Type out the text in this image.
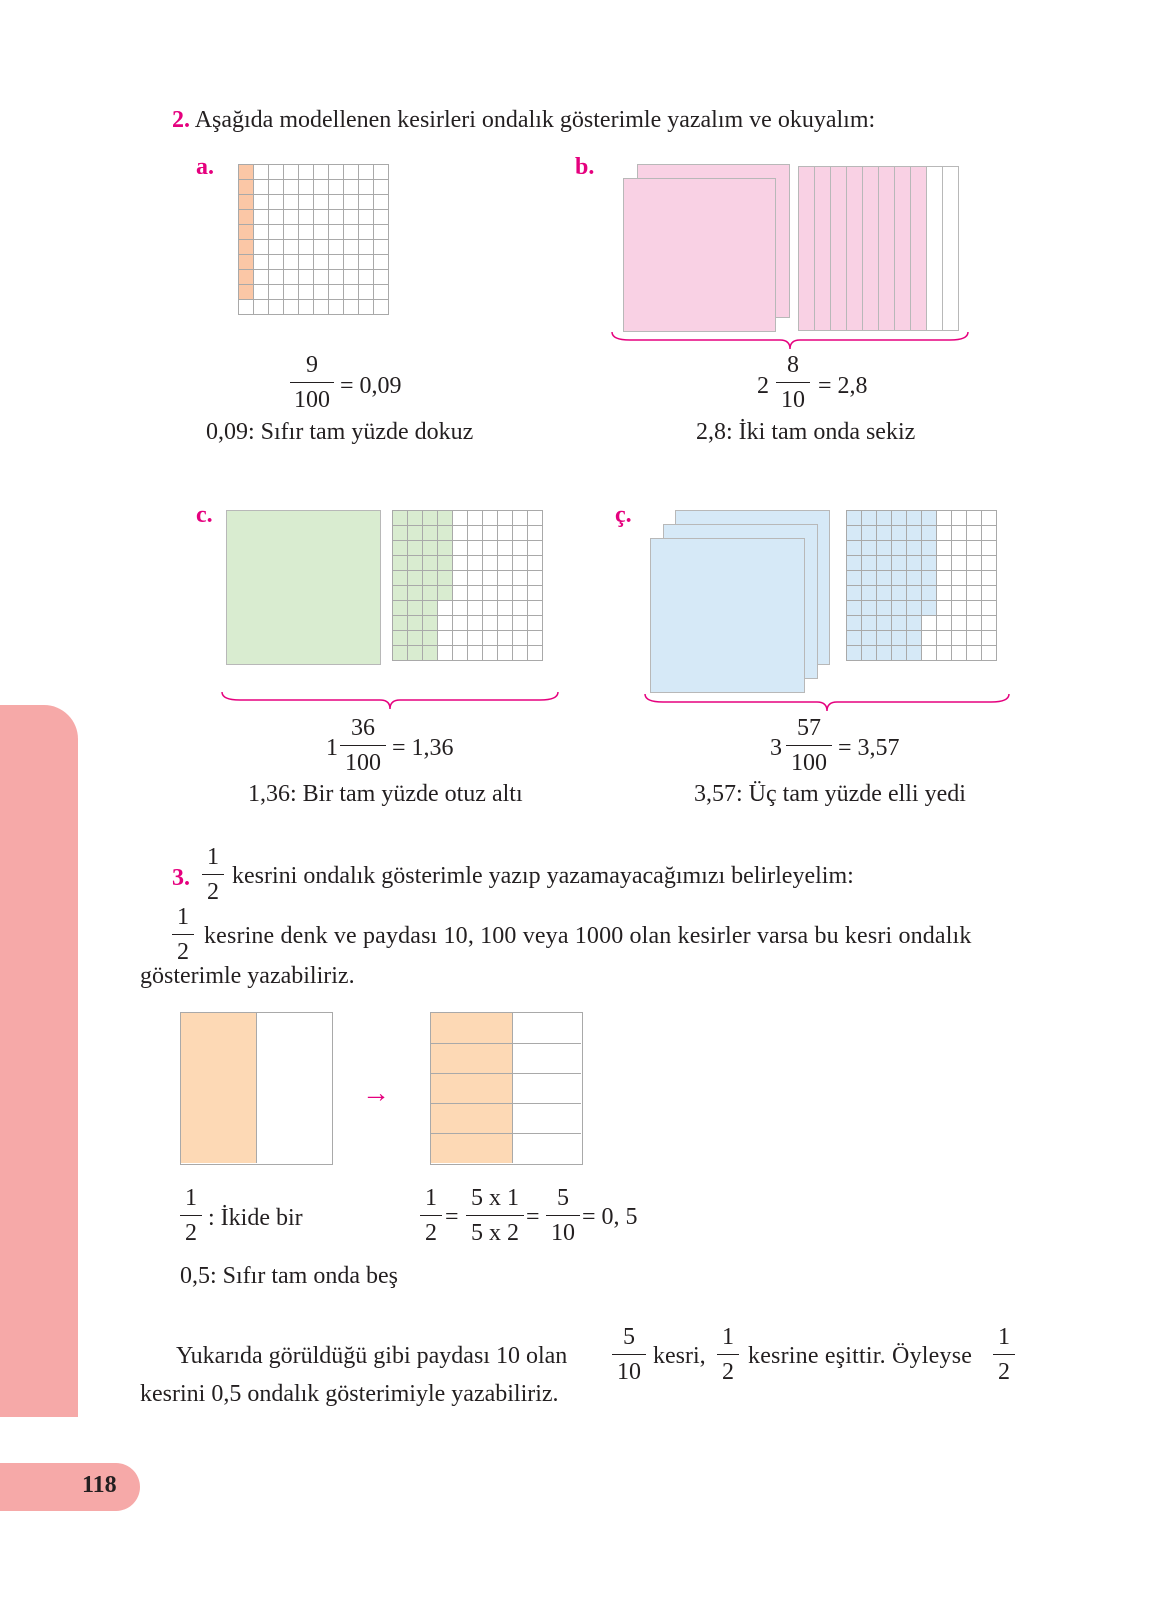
118
2. Aşağıda modellenen kesirleri ondalık gösterimle yazalım ve okuyalım:
a.
9
100
= 0,09
0,09: Sıfır tam yüzde dokuz
b.
2
8
10
= 2,8
2,8: İki tam onda sekiz
c.
1
36
100
= 1,36
1,36: Bir tam yüzde otuz altı
ç.
3
57
100
= 3,57
3,57: Üç tam yüzde elli yedi
3.
1
2
kesrini ondalık gösterimle yazıp yazamayacağımızı belirleyelim:
1
2
kesrine denk ve paydası 10, 100 veya 1000 olan kesirler varsa bu kesri ondalık
gösterimle yazabiliriz.
→
1
2
: İkide bir
1
2
=
5 x 1
5 x 2
=
5
10
= 0, 5
0,5: Sıfır tam onda beş
Yukarıda görüldüğü gibi paydası 10 olan
5
10
kesri,
1
2
kesrine eşittir. Öyleyse
1
2
kesrini 0,5 ondalık gösterimiyle yazabiliriz.
